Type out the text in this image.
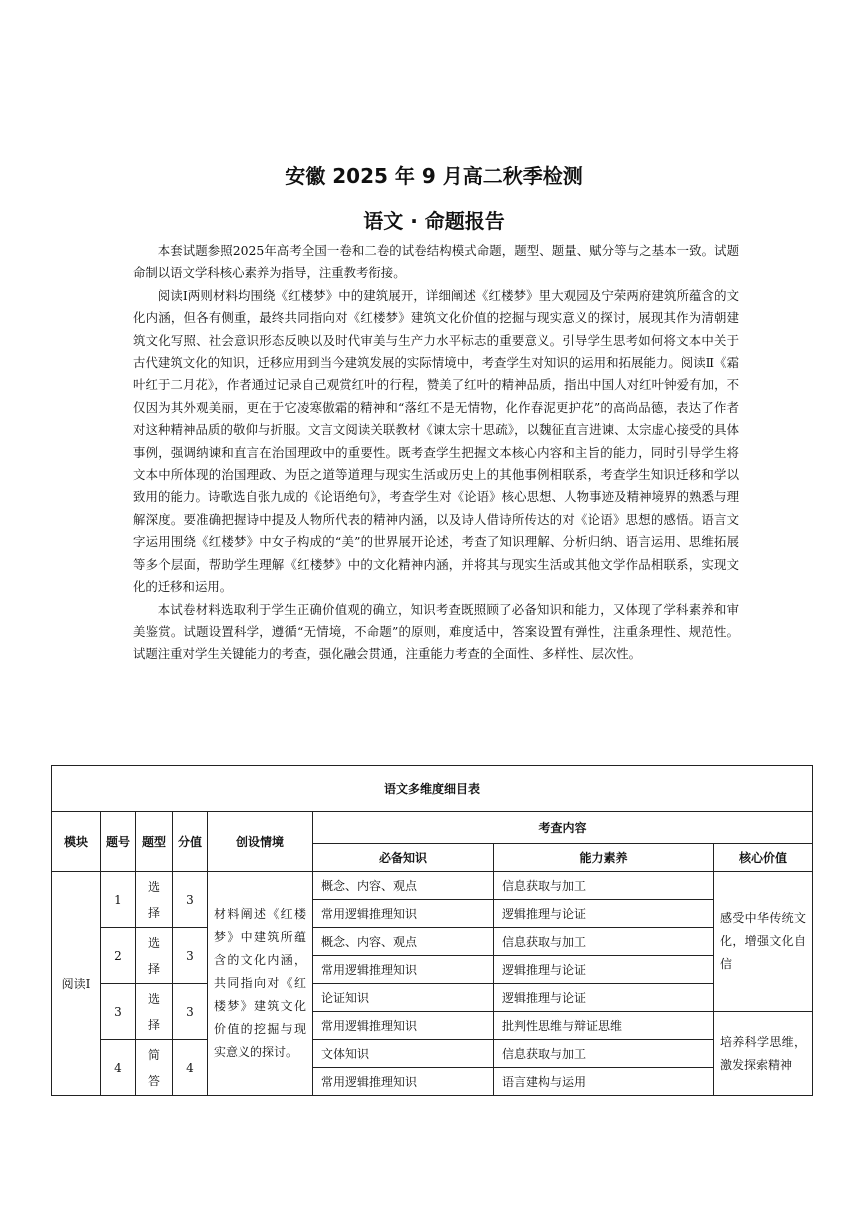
安徽 2025 年 9 月高二秋季检测
语文 · 命题报告

本套试题参照2025年高考全国一卷和二卷的试卷结构模式命题，题型、题量、赋分等与之基本一致。试题命制以语文学科核心素养为指导，注重教考衔接。

阅读Ⅰ两则材料均围绕《红楼梦》中的建筑展开，详细阐述《红楼梦》里大观园及宁荣两府建筑所蕴含的文化内涵，但各有侧重，最终共同指向对《红楼梦》建筑文化价值的挖掘与现实意义的探讨，展现其作为清朝建筑文化写照、社会意识形态反映以及时代审美与生产力水平标志的重要意义。引导学生思考如何将文本中关于古代建筑文化的知识，迁移应用到当今建筑发展的实际情境中，考查学生对知识的运用和拓展能力。阅读Ⅱ《霜叶红于二月花》，作者通过记录自己观赏红叶的行程，赞美了红叶的精神品质，指出中国人对红叶钟爱有加，不仅因为其外观美丽，更在于它凌寒傲霜的精神和“落红不是无情物，化作春泥更护花”的高尚品德，表达了作者对这种精神品质的敬仰与折服。文言文阅读关联教材《谏太宗十思疏》，以魏征直言进谏、太宗虚心接受的具体事例，强调纳谏和直言在治国理政中的重要性。既考查学生把握文本核心内容和主旨的能力，同时引导学生将文本中所体现的治国理政、为臣之道等道理与现实生活或历史上的其他事例相联系，考查学生知识迁移和学以致用的能力。诗歌选自张九成的《论语绝句》，考查学生对《论语》核心思想、人物事迹及精神境界的熟悉与理解深度。要准确把握诗中提及人物所代表的精神内涵，以及诗人借诗所传达的对《论语》思想的感悟。语言文字运用围绕《红楼梦》中女子构成的“美”的世界展开论述，考查了知识理解、分析归纳、语言运用、思维拓展等多个层面，帮助学生理解《红楼梦》中的文化精神内涵，并将其与现实生活或其他文学作品相联系，实现文化的迁移和运用。

本试卷材料选取利于学生正确价值观的确立，知识考查既照顾了必备知识和能力，又体现了学科素养和审美鉴赏。试题设置科学，遵循“无情境，不命题”的原则，难度适中，答案设置有弹性，注重条理性、规范性。试题注重对学生关键能力的考查，强化融会贯通，注重能力考查的全面性、多样性、层次性。

语文多维度细目表							
模块	题号	题型	分值	创设情境	考查内容		
					必备知识	能力素养	核心价值
阅读Ⅰ	1	选择	3	材料阐述《红楼梦》中建筑所蕴含的文化内涵，共同指向对《红楼梦》建筑文化价值的挖掘与现实意义的探讨。	概念、内容、观点	信息获取与加工	感受中华传统文化，增强文化自信
					常用逻辑推理知识	逻辑推理与论证	
	2	选择	3		概念、内容、观点	信息获取与加工	
					常用逻辑推理知识	逻辑推理与论证	
	3	选择	3		论证知识	逻辑推理与论证	
					常用逻辑推理知识	批判性思维与辩证思维	培养科学思维，激发探索精神
	4	简答	4		文体知识	信息获取与加工	
					常用逻辑推理知识	语言建构与运用	
